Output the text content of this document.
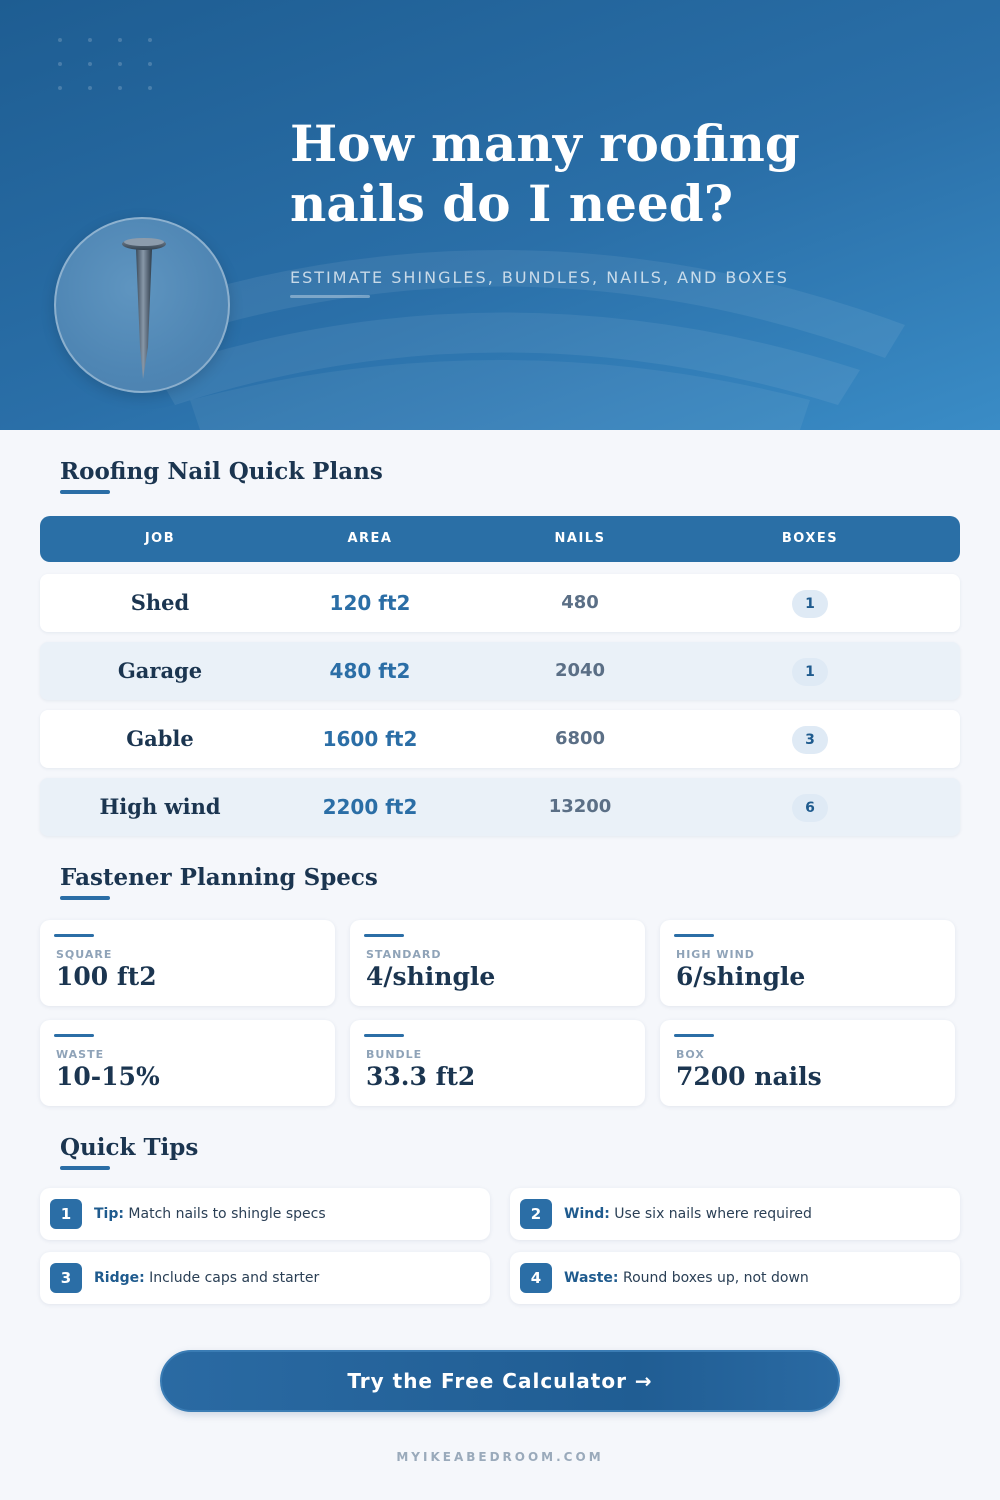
How many roofing
nails do I need?
ESTIMATE SHINGLES, BUNDLES, NAILS, AND BOXES
Roofing Nail Quick Plans
JOB	AREA	NAILS	BOXES
Shed	120 ft2	480	1
Garage	480 ft2	2040	1
Gable	1600 ft2	6800	3
High wind	2200 ft2	13200	6
Fastener Planning Specs
SQUARE
100 ft2
STANDARD
4/shingle
HIGH WIND
6/shingle
WASTE
10-15%
BUNDLE
33.3 ft2
BOX
7200 nails
Quick Tips
1	Tip: Match nails to shingle specs	2	Wind: Use six nails where required
3	Ridge: Include caps and starter	4	Waste: Round boxes up, not down
Try the Free Calculator →
MYIKEABEDROOM.COM
